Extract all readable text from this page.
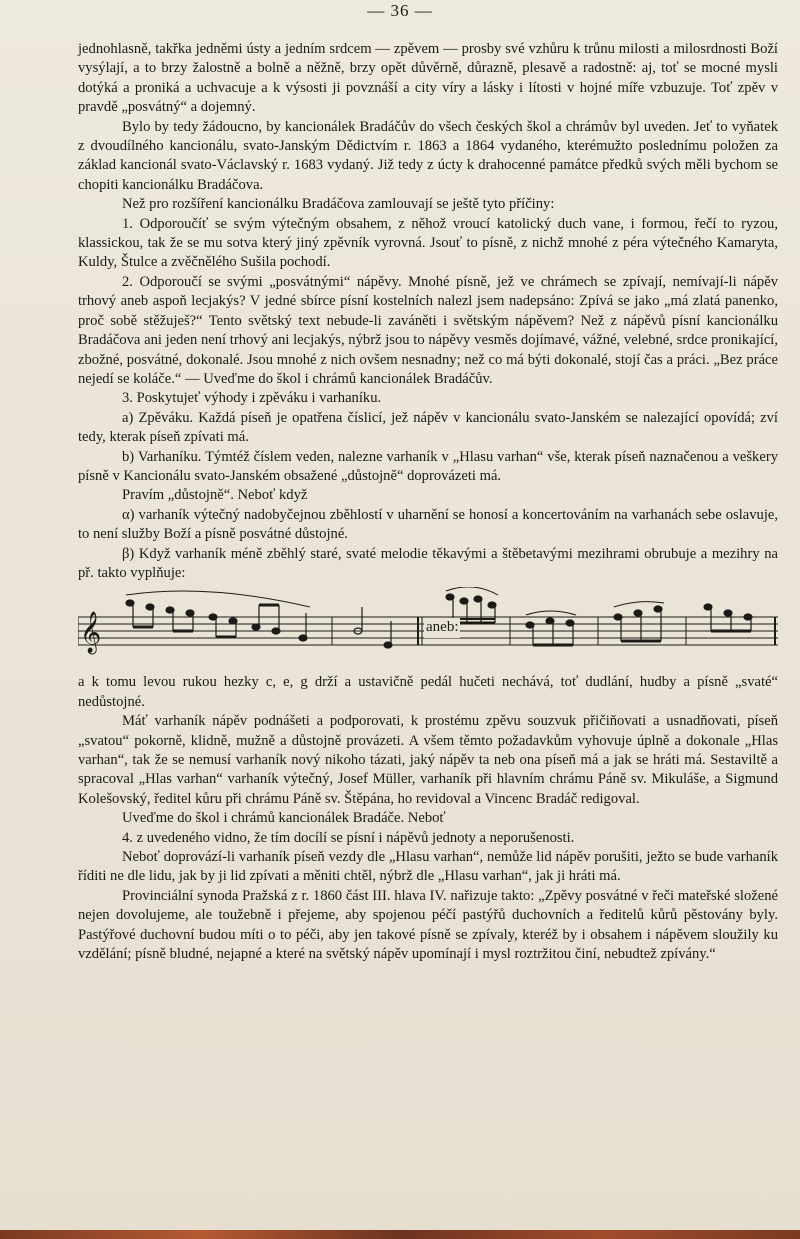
— 36 —

jednohlasně, takřka jedněmi ústy a jedním srdcem — zpěvem — prosby své vzhůru k trůnu milosti a milosrdnosti Boží vysýlají, a to brzy žalostně a bolně a něžně, brzy opět důvěrně, důrazně, plesavě a radostně: aj, toť se mocné mysli dotýká a proniká a uchvacuje a k výsosti ji povznáší a city víry a lásky i lítosti v hojné míře vzbuzuje. Toť zpěv v pravdě „posvátný“ a dojemný.

Bylo by tedy žádoucno, by kancionálek Bradáčův do všech českých škol a chrámův byl uveden. Jeť to vyňatek z dvoudílného kancionálu, svato-Janským Dědictvím r. 1863 a 1864 vydaného, kterémužto poslednímu položen za základ kancionál svato-Václavský r. 1683 vydaný. Již tedy z úcty k drahocenné památce předků svých měli bychom se chopiti kancionálku Bradáčova.

Než pro rozšíření kancionálku Bradáčova zamlouvají se ještě tyto příčiny:

1. Odporoučíť se svým výtečným obsahem, z něhož vroucí katolický duch vane, i formou, řečí to ryzou, klassickou, tak že se mu sotva který jiný zpěvník vyrovná. Jsouť to písně, z nichž mnohé z péra výtečného Kamaryta, Kuldy, Štulce a zvěčnělého Sušila pochodí.

2. Odporoučí se svými „posvátnými“ nápěvy. Mnohé písně, jež ve chrámech se zpívají, nemívají-li nápěv trhový aneb aspoň lecjakýs? V jedné sbírce písní kostelních nalezl jsem nadepsáno: Zpívá se jako „má zlatá panenko, proč sobě stěžuješ?“ Tento světský text nebude-li zaváněti i světským nápěvem? Než z nápěvů písní kancionálku Bradáčova ani jeden není trhový ani lecjakýs, nýbrž jsou to nápěvy vesměs dojímavé, vážné, velebné, srdce pronikající, zbožné, posvátné, dokonalé. Jsou mnohé z nich ovšem nesnadny; než co má býti dokonalé, stojí čas a práci. „Bez práce nejedí se koláče.“ — Uveďme do škol i chrámů kancionálek Bradáčův.

3. Poskytujeť výhody i zpěváku i varhaníku.

a) Zpěváku. Každá píseň je opatřena číslicí, jež nápěv v kancionálu svato-Janském se nalezající opovídá; zví tedy, kterak píseň zpívati má.

b) Varhaníku. Týmtéž číslem veden, nalezne varhaník v „Hlasu varhan“ vše, kterak píseň naznačenou a veškery písně v Kancionálu svato-Janském obsažené „důstojně“ doprovázeti má.

Pravím „důstojně“. Neboť když

α) varhaník výtečný nadobyčejnou zběhlostí v uharnění se honosí a koncertováním na varhanách sebe oslavuje, to není služby Boží a písně posvátné důstojné.

β) Když varhaník méně zběhlý staré, svaté melodie těkavými a štěbetavými mezihrami obrubuje a mezihry na př. takto vyplňuje:

𝄞	aneb:

a k tomu levou rukou hezky c, e, g drží a ustavičně pedál hučeti nechává, toť dudlání, hudby a písně „svaté“ nedůstojné.

Máť varhaník nápěv podnášeti a podporovati, k prostému zpěvu souzvuk přičiňovati a usnadňovati, píseň „svatou“ pokorně, klidně, mužně a důstojně provázeti. A všem těmto požadavkům vyhovuje úplně a dokonale „Hlas varhan“, tak že se nemusí varhaník nový nikoho tázati, jaký nápěv ta neb ona píseň má a jak se hráti má. Sestaviltě a spracoval „Hlas varhan“ varhaník výtečný, Josef Müller, varhaník při hlavním chrámu Páně sv. Mikuláše, a Sigmund Kolešovský, ředitel kůru při chrámu Páně sv. Štěpána, ho revidoval a Vincenc Bradáč redigoval.

Uveďme do škol i chrámů kancionálek Bradáče. Neboť

4. z uvedeného vidno, že tím docílí se písní i nápěvů jednoty a neporušenosti.

Neboť doprovází-li varhaník píseň vezdy dle „Hlasu varhan“, nemůže lid nápěv porušiti, ježto se bude varhaník říditi ne dle lidu, jak by ji lid zpívati a měniti chtěl, nýbrž dle „Hlasu varhan“, jak ji hráti má.

Provinciální synoda Pražská z r. 1860 část III. hlava IV. nařizuje takto: „Zpěvy posvátné v řeči mateřské složené nejen dovolujeme, ale toužebně i přejeme, aby spojenou péčí pastýřů duchovních a ředitelů kůrů pěstovány byly. Pastýřové duchovní budou míti o to péči, aby jen takové písně se zpívaly, kteréž by i obsahem i nápěvem sloužily ku vzdělání; písně bludné, nejapné a které na světský nápěv upomínají i mysl roztržitou činí, nebudtež zpívány.“
